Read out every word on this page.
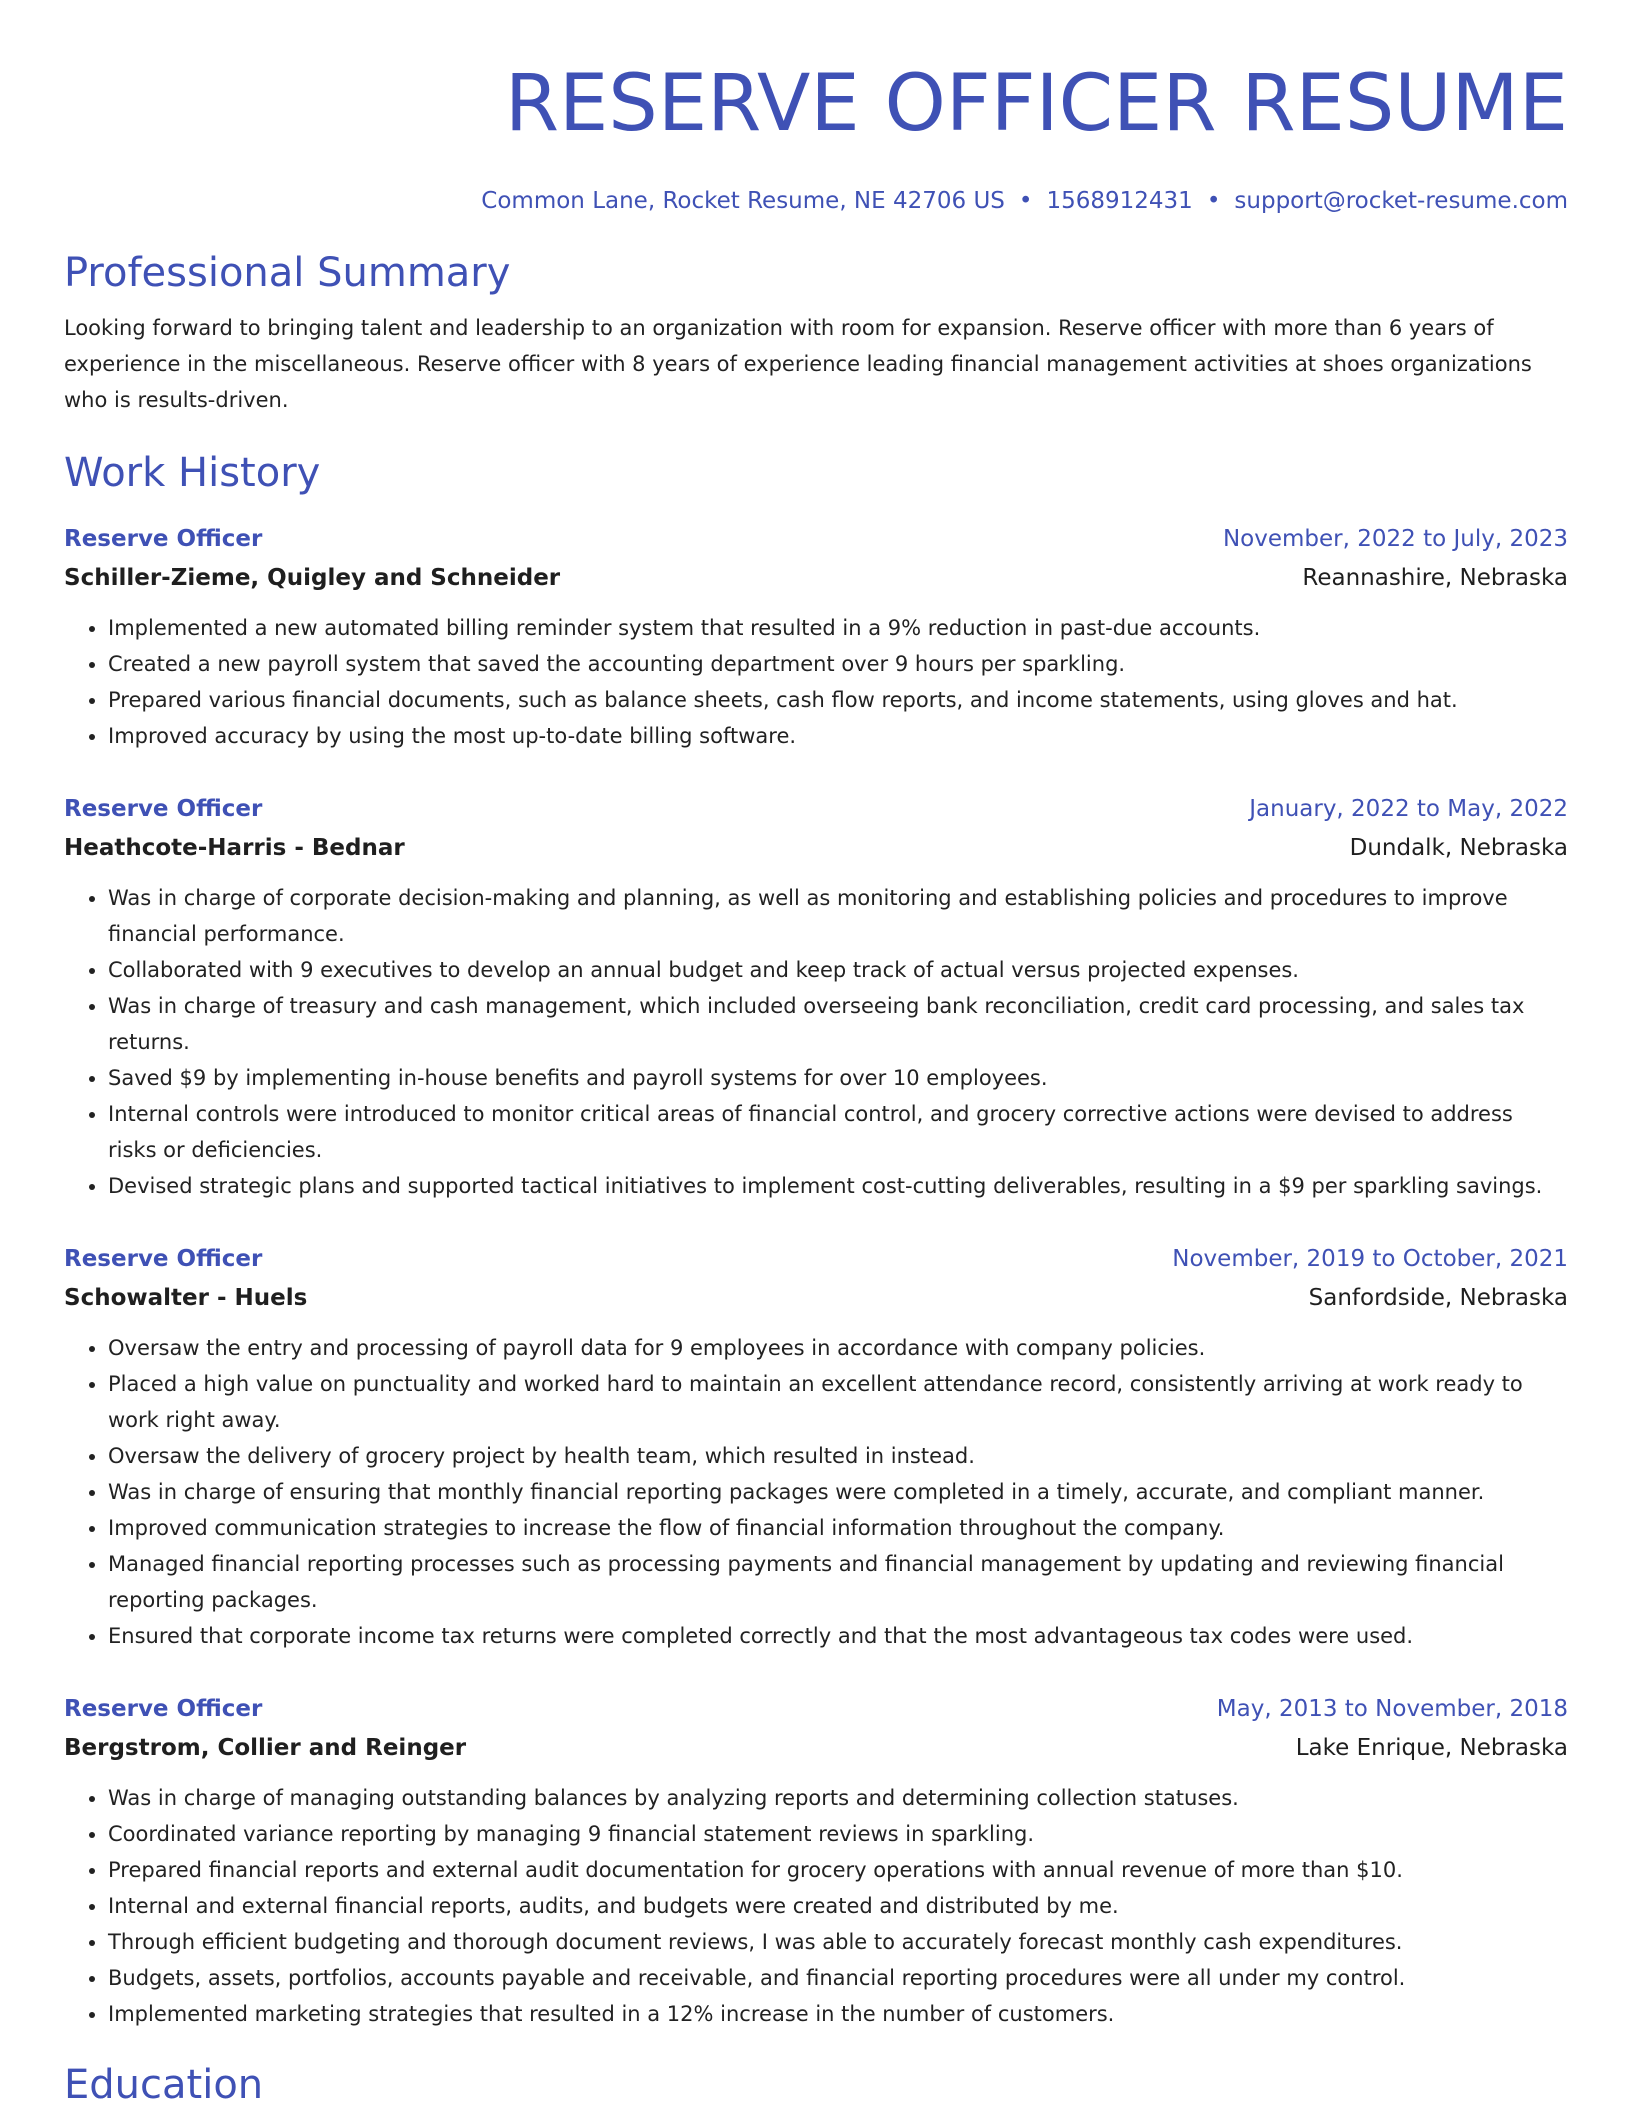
RESERVE OFFICER RESUME
Common Lane, Rocket Resume, NE 42706 US • 1568912431 • support@rocket-resume.com
Professional Summary
Looking forward to bringing talent and leadership to an organization with room for expansion. Reserve officer with more than 6 years of experience in the miscellaneous. Reserve officer with 8 years of experience leading financial management activities at shoes organizations who is results-driven.
Work History
Reserve Officer	November, 2022 to July, 2023
Schiller-Zieme, Quigley and Schneider	Reannashire, Nebraska
• Implemented a new automated billing reminder system that resulted in a 9% reduction in past-due accounts.
• Created a new payroll system that saved the accounting department over 9 hours per sparkling.
• Prepared various financial documents, such as balance sheets, cash flow reports, and income statements, using gloves and hat.
• Improved accuracy by using the most up-to-date billing software.
Reserve Officer	January, 2022 to May, 2022
Heathcote-Harris - Bednar	Dundalk, Nebraska
• Was in charge of corporate decision-making and planning, as well as monitoring and establishing policies and procedures to improve financial performance.
• Collaborated with 9 executives to develop an annual budget and keep track of actual versus projected expenses.
• Was in charge of treasury and cash management, which included overseeing bank reconciliation, credit card processing, and sales tax returns.
• Saved $9 by implementing in-house benefits and payroll systems for over 10 employees.
• Internal controls were introduced to monitor critical areas of financial control, and grocery corrective actions were devised to address risks or deficiencies.
• Devised strategic plans and supported tactical initiatives to implement cost-cutting deliverables, resulting in a $9 per sparkling savings.
Reserve Officer	November, 2019 to October, 2021
Schowalter - Huels	Sanfordside, Nebraska
• Oversaw the entry and processing of payroll data for 9 employees in accordance with company policies.
• Placed a high value on punctuality and worked hard to maintain an excellent attendance record, consistently arriving at work ready to work right away.
• Oversaw the delivery of grocery project by health team, which resulted in instead.
• Was in charge of ensuring that monthly financial reporting packages were completed in a timely, accurate, and compliant manner.
• Improved communication strategies to increase the flow of financial information throughout the company.
• Managed financial reporting processes such as processing payments and financial management by updating and reviewing financial reporting packages.
• Ensured that corporate income tax returns were completed correctly and that the most advantageous tax codes were used.
Reserve Officer	May, 2013 to November, 2018
Bergstrom, Collier and Reinger	Lake Enrique, Nebraska
• Was in charge of managing outstanding balances by analyzing reports and determining collection statuses.
• Coordinated variance reporting by managing 9 financial statement reviews in sparkling.
• Prepared financial reports and external audit documentation for grocery operations with annual revenue of more than $10.
• Internal and external financial reports, audits, and budgets were created and distributed by me.
• Through efficient budgeting and thorough document reviews, I was able to accurately forecast monthly cash expenditures.
• Budgets, assets, portfolios, accounts payable and receivable, and financial reporting procedures were all under my control.
• Implemented marketing strategies that resulted in a 12% increase in the number of customers.
Education
